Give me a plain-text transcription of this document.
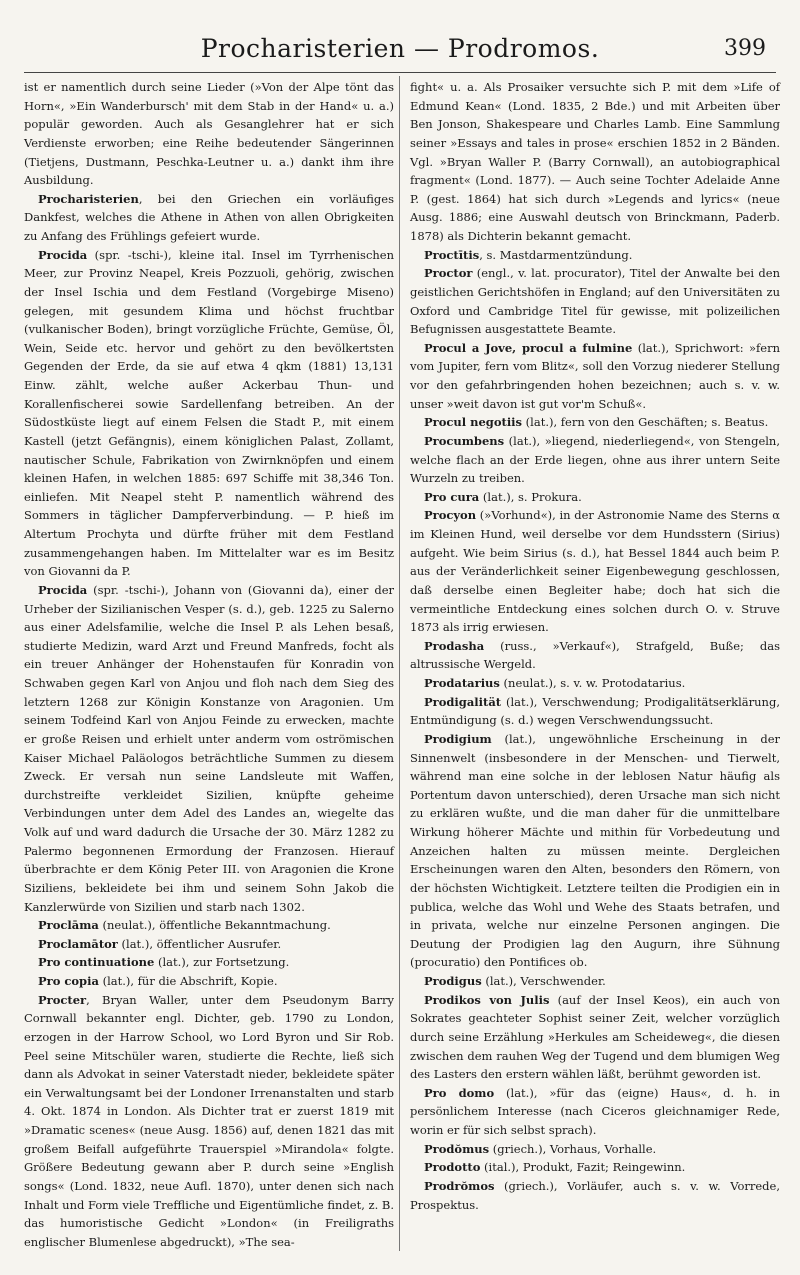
Procharisterien — Prodromos.	399

ist er namentlich durch seine Lieder (»Von der Alpe tönt das Horn«, »Ein Wanderbursch' mit dem Stab in der Hand« u. a.) populär geworden. Auch als Gesanglehrer hat er sich Verdienste erworben; eine Reihe bedeutender Sängerinnen (Tietjens, Dustmann, Peschka-Leutner u. a.) dankt ihm ihre Ausbildung.

Procharisterien, bei den Griechen ein vorläufiges Dankfest, welches die Athene in Athen von allen Obrigkeiten zu Anfang des Frühlings gefeiert wurde.

Procida (spr. -tschi-), kleine ital. Insel im Tyrrhenischen Meer, zur Provinz Neapel, Kreis Pozzuoli, gehörig, zwischen der Insel Ischia und dem Festland (Vorgebirge Miseno) gelegen, mit gesundem Klima und höchst fruchtbar (vulkanischer Boden), bringt vorzügliche Früchte, Gemüse, Öl, Wein, Seide etc. hervor und gehört zu den bevölkertsten Gegenden der Erde, da sie auf etwa 4 qkm (1881) 13,131 Einw. zählt, welche außer Ackerbau Thun- und Korallenfischerei sowie Sardellenfang betreiben. An der Südostküste liegt auf einem Felsen die Stadt P., mit einem Kastell (jetzt Gefängnis), einem königlichen Palast, Zollamt, nautischer Schule, Fabrikation von Zwirnknöpfen und einem kleinen Hafen, in welchen 1885: 697 Schiffe mit 38,346 Ton. einliefen. Mit Neapel steht P. namentlich während des Sommers in täglicher Dampferverbindung. — P. hieß im Altertum Prochyta und dürfte früher mit dem Festland zusammengehangen haben. Im Mittelalter war es im Besitz von Giovanni da P.

Procida (spr. -tschi-), Johann von (Giovanni da), einer der Urheber der Sizilianischen Vesper (s. d.), geb. 1225 zu Salerno aus einer Adelsfamilie, welche die Insel P. als Lehen besaß, studierte Medizin, ward Arzt und Freund Manfreds, focht als ein treuer Anhänger der Hohenstaufen für Konradin von Schwaben gegen Karl von Anjou und floh nach dem Sieg des letztern 1268 zur Königin Konstanze von Aragonien. Um seinem Todfeind Karl von Anjou Feinde zu erwecken, machte er große Reisen und erhielt unter anderm vom oströmischen Kaiser Michael Paläologos beträchtliche Summen zu diesem Zweck. Er versah nun seine Landsleute mit Waffen, durchstreifte verkleidet Sizilien, knüpfte geheime Verbindungen unter dem Adel des Landes an, wiegelte das Volk auf und ward dadurch die Ursache der 30. März 1282 zu Palermo begonnenen Ermordung der Franzosen. Hierauf überbrachte er dem König Peter III. von Aragonien die Krone Siziliens, bekleidete bei ihm und seinem Sohn Jakob die Kanzlerwürde von Sizilien und starb nach 1302.

Proclāma (neulat.), öffentliche Bekanntmachung.

Proclamātor (lat.), öffentlicher Ausrufer.

Pro continuatione (lat.), zur Fortsetzung.

Pro copia (lat.), für die Abschrift, Kopie.

Procter, Bryan Waller, unter dem Pseudonym Barry Cornwall bekannter engl. Dichter, geb. 1790 zu London, erzogen in der Harrow School, wo Lord Byron und Sir Rob. Peel seine Mitschüler waren, studierte die Rechte, ließ sich dann als Advokat in seiner Vaterstadt nieder, bekleidete später ein Verwaltungsamt bei der Londoner Irrenanstalten und starb 4. Okt. 1874 in London. Als Dichter trat er zuerst 1819 mit »Dramatic scenes« (neue Ausg. 1856) auf, denen 1821 das mit großem Beifall aufgeführte Trauerspiel »Mirandola« folgte. Größere Bedeutung gewann aber P. durch seine »English songs« (Lond. 1832, neue Aufl. 1870), unter denen sich nach Inhalt und Form viele Treffliche und Eigentümliche findet, z. B. das humoristische Gedicht »London« (in Freiligraths englischer Blumenlese abgedruckt), »The sea-

fight« u. a. Als Prosaiker versuchte sich P. mit dem »Life of Edmund Kean« (Lond. 1835, 2 Bde.) und mit Arbeiten über Ben Jonson, Shakespeare und Charles Lamb. Eine Sammlung seiner »Essays and tales in prose« erschien 1852 in 2 Bänden. Vgl. »Bryan Waller P. (Barry Cornwall), an autobiographical fragment« (Lond. 1877). — Auch seine Tochter Adelaide Anne P. (gest. 1864) hat sich durch »Legends and lyrics« (neue Ausg. 1886; eine Auswahl deutsch von Brinckmann, Paderb. 1878) als Dichterin bekannt gemacht.

Proctītis, s. Mastdarmentzündung.

Proctor (engl., v. lat. procurator), Titel der Anwalte bei den geistlichen Gerichtshöfen in England; auf den Universitäten zu Oxford und Cambridge Titel für gewisse, mit polizeilichen Befugnissen ausgestattete Beamte.

Procul a Jove, procul a fulmine (lat.), Sprichwort: »fern vom Jupiter, fern vom Blitz«, soll den Vorzug niederer Stellung vor den gefahrbringenden hohen bezeichnen; auch s. v. w. unser »weit davon ist gut vor'm Schuß«.

Procul negotiis (lat.), fern von den Geschäften; s. Beatus.

Procumbens (lat.), »liegend, niederliegend«, von Stengeln, welche flach an der Erde liegen, ohne aus ihrer untern Seite Wurzeln zu treiben.

Pro cura (lat.), s. Prokura.

Procyon (»Vorhund«), in der Astronomie Name des Sterns α im Kleinen Hund, weil derselbe vor dem Hundsstern (Sirius) aufgeht. Wie beim Sirius (s. d.), hat Bessel 1844 auch beim P. aus der Veränderlichkeit seiner Eigenbewegung geschlossen, daß derselbe einen Begleiter habe; doch hat sich die vermeintliche Entdeckung eines solchen durch O. v. Struve 1873 als irrig erwiesen.

Prodasha (russ., »Verkauf«), Strafgeld, Buße; das altrussische Wergeld.

Prodatarius (neulat.), s. v. w. Protodatarius.

Prodigalität (lat.), Verschwendung; Prodigalitätserklärung, Entmündigung (s. d.) wegen Verschwendungssucht.

Prodigium (lat.), ungewöhnliche Erscheinung in der Sinnenwelt (insbesondere in der Menschen- und Tierwelt, während man eine solche in der leblosen Natur häufig als Portentum davon unterschied), deren Ursache man sich nicht zu erklären wußte, und die man daher für die unmittelbare Wirkung höherer Mächte und mithin für Vorbedeutung und Anzeichen halten zu müssen meinte. Dergleichen Erscheinungen waren den Alten, besonders den Römern, von der höchsten Wichtigkeit. Letztere teilten die Prodigien ein in publica, welche das Wohl und Wehe des Staats betrafen, und in privata, welche nur einzelne Personen angingen. Die Deutung der Prodigien lag den Augurn, ihre Sühnung (procuratio) den Pontifices ob.

Prodigus (lat.), Verschwender.

Prodikos von Julis (auf der Insel Keos), ein auch von Sokrates geachteter Sophist seiner Zeit, welcher vorzüglich durch seine Erzählung »Herkules am Scheideweg«, die diesen zwischen dem rauhen Weg der Tugend und dem blumigen Weg des Lasters den erstern wählen läßt, berühmt geworden ist.

Pro domo (lat.), »für das (eigne) Haus«, d. h. in persönlichem Interesse (nach Ciceros gleichnamiger Rede, worin er für sich selbst sprach).

Prodŏmus (griech.), Vorhaus, Vorhalle.

Prodotto (ital.), Produkt, Fazit; Reingewinn.

Prodrŏmos (griech.), Vorläufer, auch s. v. w. Vorrede, Prospektus.
